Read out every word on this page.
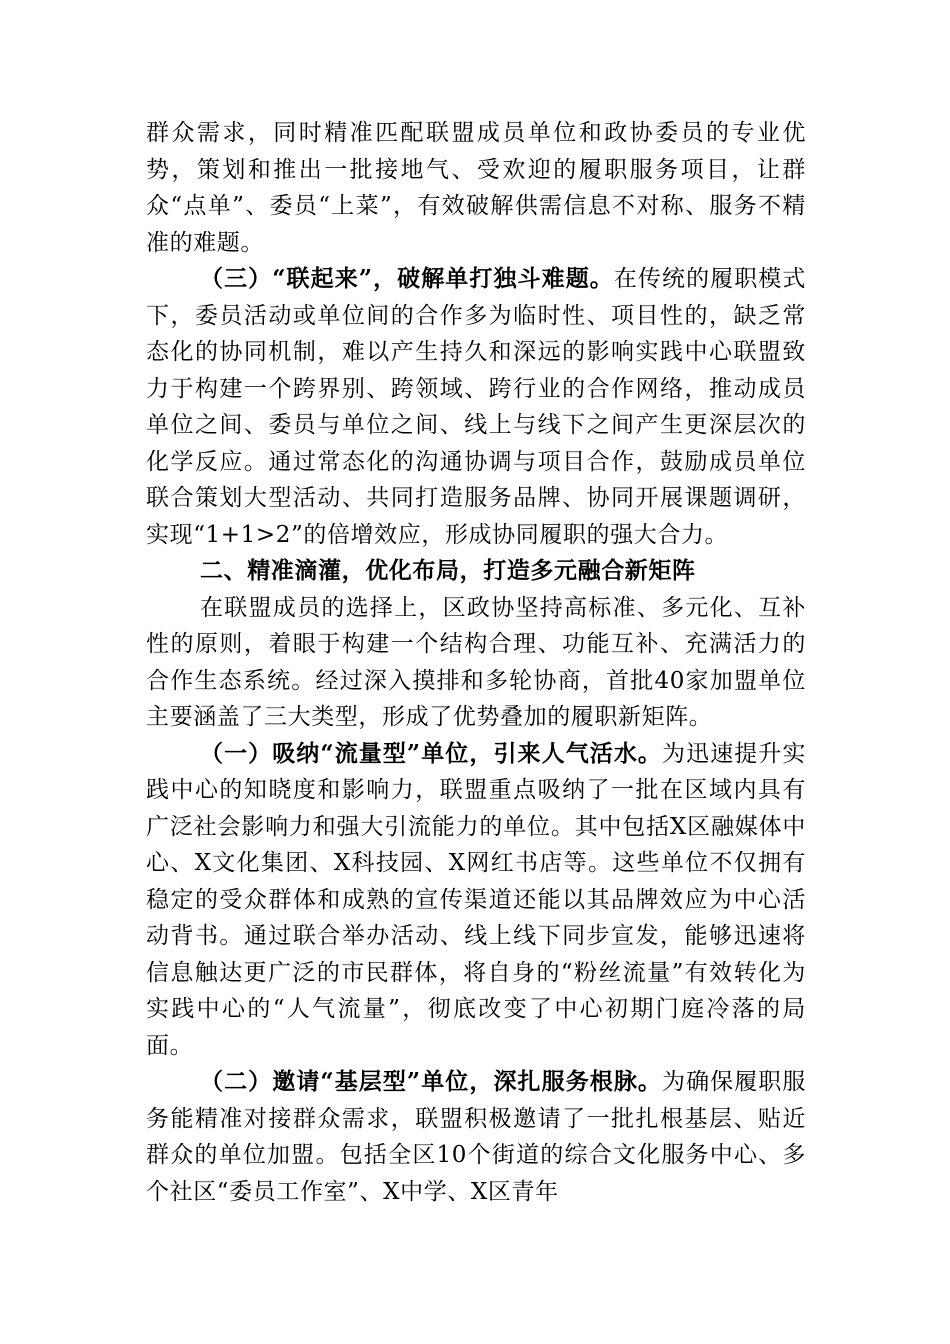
群众需求，同时精准匹配联盟成员单位和政协委员的专业优势，策划和推出一批接地气、受欢迎的履职服务项目，让群众“点单”、委员“上菜”，有效破解供需信息不对称、服务不精准的难题。

（三）“联起来”，破解单打独斗难题。在传统的履职模式下，委员活动或单位间的合作多为临时性、项目性的，缺乏常态化的协同机制，难以产生持久和深远的影响实践中心联盟致力于构建一个跨界别、跨领域、跨行业的合作网络，推动成员单位之间、委员与单位之间、线上与线下之间产生更深层次的化学反应。通过常态化的沟通协调与项目合作，鼓励成员单位联合策划大型活动、共同打造服务品牌、协同开展课题调研，实现“1+1>2”的倍增效应，形成协同履职的强大合力。

二、精准滴灌，优化布局，打造多元融合新矩阵

在联盟成员的选择上，区政协坚持高标准、多元化、互补性的原则，着眼于构建一个结构合理、功能互补、充满活力的合作生态系统。经过深入摸排和多轮协商，首批40家加盟单位主要涵盖了三大类型，形成了优势叠加的履职新矩阵。

（一）吸纳“流量型”单位，引来人气活水。为迅速提升实践中心的知晓度和影响力，联盟重点吸纳了一批在区域内具有广泛社会影响力和强大引流能力的单位。其中包括X区融媒体中心、X文化集团、X科技园、X网红书店等。这些单位不仅拥有稳定的受众群体和成熟的宣传渠道还能以其品牌效应为中心活动背书。通过联合举办活动、线上线下同步宣发，能够迅速将信息触达更广泛的市民群体，将自身的“粉丝流量”有效转化为实践中心的“人气流量”，彻底改变了中心初期门庭冷落的局面。

（二）邀请“基层型”单位，深扎服务根脉。为确保履职服务能精准对接群众需求，联盟积极邀请了一批扎根基层、贴近群众的单位加盟。包括全区10个街道的综合文化服务中心、多个社区“委员工作室”、X中学、X区青年
